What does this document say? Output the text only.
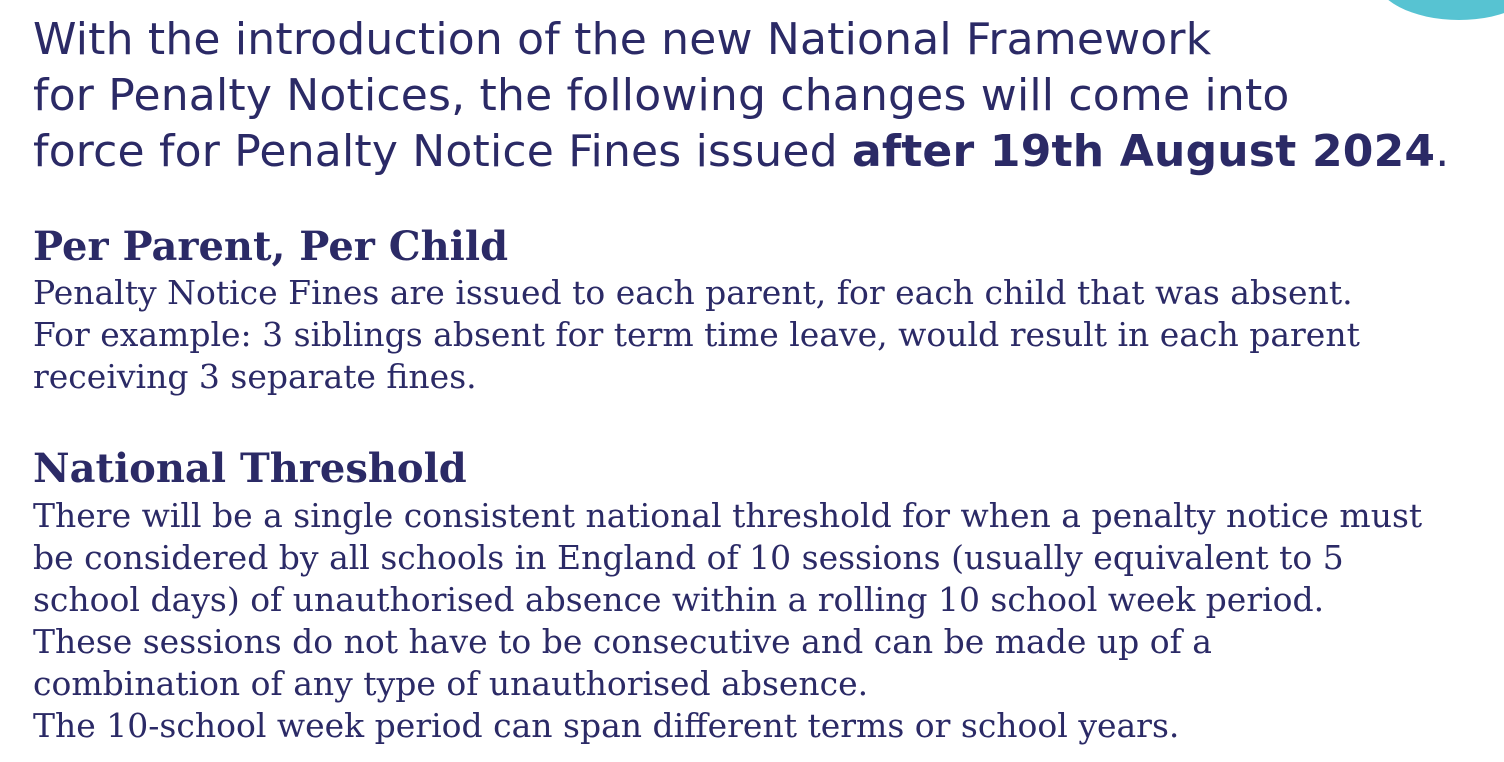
With the introduction of the new National Framework
for Penalty Notices, the following changes will come into
force for Penalty Notice Fines issued after 19th August 2024.

Per Parent, Per Child
Penalty Notice Fines are issued to each parent, for each child that was absent.
For example: 3 siblings absent for term time leave, would result in each parent
receiving 3 separate fines.
National Threshold
There will be a single consistent national threshold for when a penalty notice must
be considered by all schools in England of 10 sessions (usually equivalent to 5
school days) of unauthorised absence within a rolling 10 school week period.
These sessions do not have to be consecutive and can be made up of a
combination of any type of unauthorised absence.
The 10-school week period can span different terms or school years.
